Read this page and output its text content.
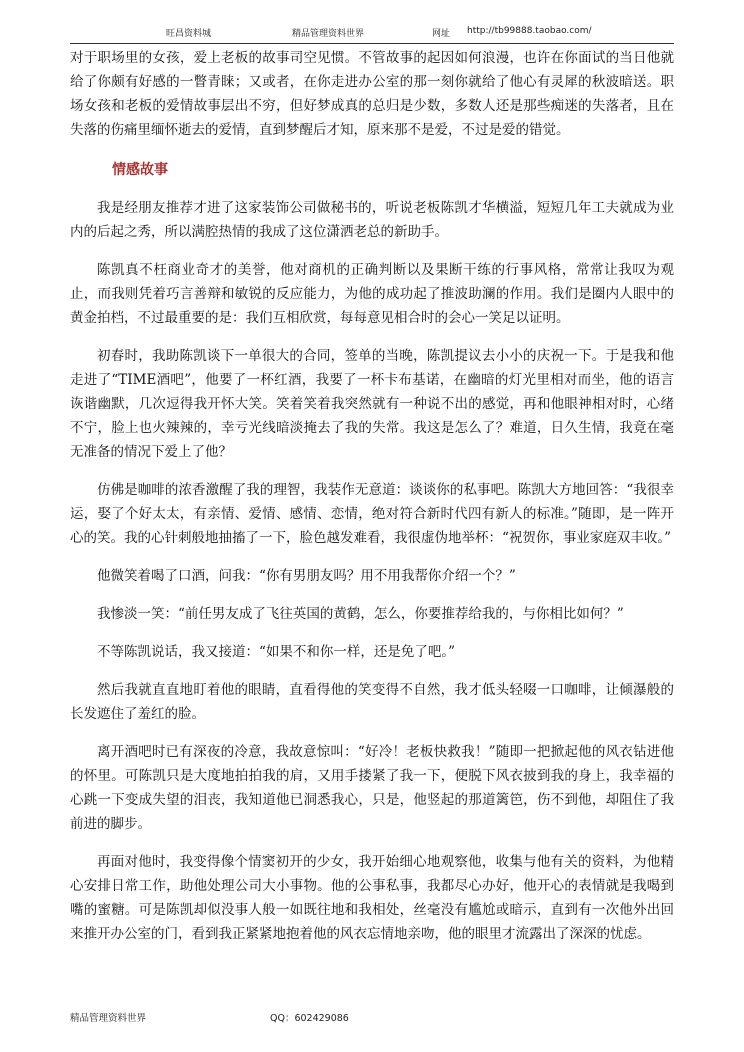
旺昌资料城	精品管理资料世界	网址 http://tb99888.taobao.com/

对于职场里的女孩，爱上老板的故事司空见惯。不管故事的起因如何浪漫，也许在你面试的当日他就给了你颇有好感的一瞥青睐；又或者，在你走进办公室的那一刻你就给了他心有灵犀的秋波暗送。职场女孩和老板的爱情故事层出不穷，但好梦成真的总归是少数，多数人还是那些痴迷的失落者，且在失落的伤痛里缅怀逝去的爱情，直到梦醒后才知，原来那不是爱，不过是爱的错觉。

情感故事

我是经朋友推荐才进了这家装饰公司做秘书的，听说老板陈凯才华横溢，短短几年工夫就成为业内的后起之秀，所以满腔热情的我成了这位潇洒老总的新助手。

陈凯真不枉商业奇才的美誉，他对商机的正确判断以及果断干练的行事风格，常常让我叹为观止，而我则凭着巧言善辩和敏锐的反应能力，为他的成功起了推波助澜的作用。我们是圈内人眼中的黄金拍档，不过最重要的是：我们互相欣赏，每每意见相合时的会心一笑足以证明。

初春时，我助陈凯谈下一单很大的合同，签单的当晚，陈凯提议去小小的庆祝一下。于是我和他走进了“TIME酒吧”，他要了一杯红酒，我要了一杯卡布基诺，在幽暗的灯光里相对而坐，他的语言诙谐幽默，几次逗得我开怀大笑。笑着笑着我突然就有一种说不出的感觉，再和他眼神相对时，心绪不宁，脸上也火辣辣的，幸亏光线暗淡掩去了我的失常。我这是怎么了？难道，日久生情，我竟在毫无准备的情况下爱上了他？

仿佛是咖啡的浓香激醒了我的理智，我装作无意道：谈谈你的私事吧。陈凯大方地回答：“我很幸运，娶了个好太太，有亲情、爱情、感情、恋情，绝对符合新时代四有新人的标准。”随即，是一阵开心的笑。我的心针刺般地抽搐了一下，脸色越发难看，我很虚伪地举杯：“祝贺你，事业家庭双丰收。”

他微笑着喝了口酒，问我：“你有男朋友吗？用不用我帮你介绍一个？”

我惨淡一笑：“前任男友成了飞往英国的黄鹤，怎么，你要推荐给我的，与你相比如何？”

不等陈凯说话，我又接道：“如果不和你一样，还是免了吧。”

然后我就直直地盯着他的眼睛，直看得他的笑变得不自然，我才低头轻啜一口咖啡，让倾瀑般的长发遮住了羞红的脸。

离开酒吧时已有深夜的冷意，我故意惊叫：“好冷！老板快救我！”随即一把掀起他的风衣钻进他的怀里。可陈凯只是大度地拍拍我的肩，又用手搂紧了我一下，便脱下风衣披到我的身上，我幸福的心跳一下变成失望的泪丧，我知道他已洞悉我心，只是，他竖起的那道篱笆，伤不到他，却阻住了我前进的脚步。

再面对他时，我变得像个情窦初开的少女，我开始细心地观察他，收集与他有关的资料，为他精心安排日常工作，助他处理公司大小事物。他的公事私事，我都尽心办好，他开心的表情就是我喝到嘴的蜜糖。可是陈凯却似没事人般一如既往地和我相处，丝毫没有尴尬或暗示，直到有一次他外出回来推开办公室的门，看到我正紧紧地抱着他的风衣忘情地亲吻，他的眼里才流露出了深深的忧虑。

精品管理资料世界	QQ：602429086
